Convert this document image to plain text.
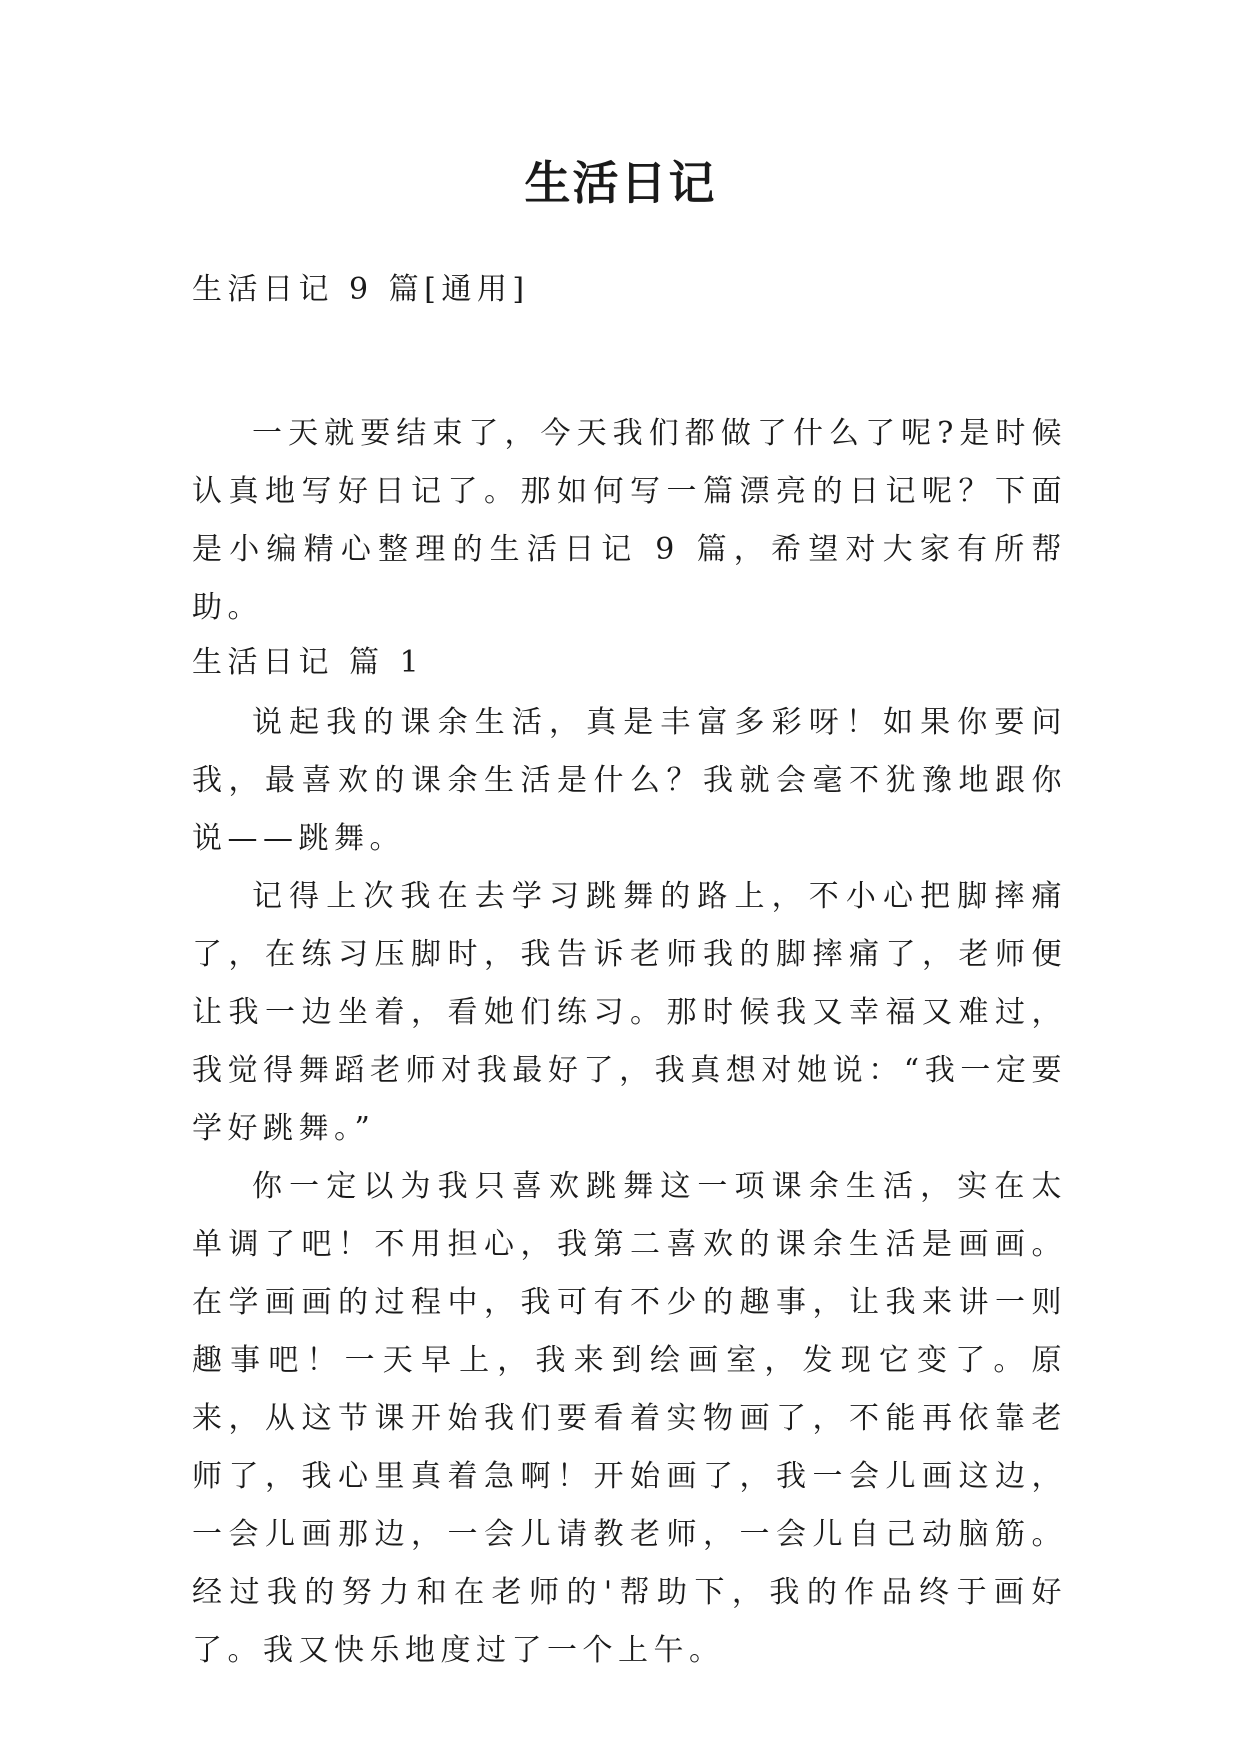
生活日记
生活日记 9 篇[通用]

一天就要结束了，今天我们都做了什么了呢?是时候认真地写好日记了。那如何写一篇漂亮的日记呢？下面是小编精心整理的生活日记 9 篇，希望对大家有所帮助。

生活日记 篇 1

说起我的课余生活，真是丰富多彩呀！如果你要问我，最喜欢的课余生活是什么？我就会毫不犹豫地跟你说——跳舞。

记得上次我在去学习跳舞的路上，不小心把脚摔痛了，在练习压脚时，我告诉老师我的脚摔痛了，老师便让我一边坐着，看她们练习。那时候我又幸福又难过，我觉得舞蹈老师对我最好了，我真想对她说：“我一定要学好跳舞。”

你一定以为我只喜欢跳舞这一项课余生活，实在太单调了吧！不用担心，我第二喜欢的课余生活是画画。在学画画的过程中，我可有不少的趣事，让我来讲一则趣事吧！一天早上，我来到绘画室，发现它变了。原来，从这节课开始我们要看着实物画了，不能再依靠老师了，我心里真着急啊！开始画了，我一会儿画这边，一会儿画那边，一会儿请教老师，一会儿自己动脑筋。经过我的努力和在老师的'帮助下，我的作品终于画好了。我又快乐地度过了一个上午。
